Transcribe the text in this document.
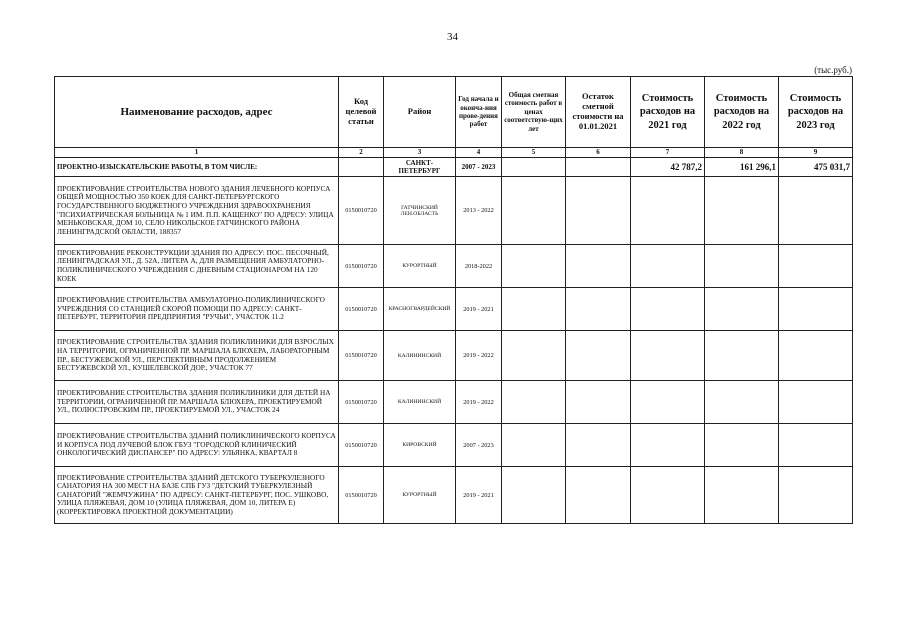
34
(тыс.руб.)
Наименование расходов, адрес	Код целевой статьи	Район	Год начала и оконча-ния прове-дения работ	Общая сметная стоимость работ в ценах соответствую-щих лет	Остаток сметной стоимости на 01.01.2021	Стоимость расходов на 2021 год	Стоимость расходов на 2022 год	Стоимость расходов на 2023 год
1	2	3	4	5	6	7	8	9
ПРОЕКТНО-ИЗЫСКАТЕЛЬСКИЕ РАБОТЫ, В ТОМ ЧИСЛЕ:		САНКТ-ПЕТЕРБУРГ	2007 - 2023			42 787,2	161 296,1	475 031,7
ПРОЕКТИРОВАНИЕ СТРОИТЕЛЬСТВА НОВОГО ЗДАНИЯ ЛЕЧЕБНОГО КОРПУСА ОБЩЕЙ МОЩНОСТЬЮ 350 КОЕК ДЛЯ САНКТ-ПЕТЕРБУРГСКОГО ГОСУДАРСТВЕННОГО БЮДЖЕТНОГО УЧРЕЖДЕНИЯ ЗДРАВООХРАНЕНИЯ "ПСИХИАТРИЧЕСКАЯ БОЛЬНИЦА № 1 ИМ. П.П. КАЩЕНКО" ПО АДРЕСУ: УЛИЦА МЕНЬКОВСКАЯ, ДОМ 10, СЕЛО НИКОЛЬСКОЕ ГАТЧИНСКОГО РАЙОНА ЛЕНИНГРАДСКОЙ ОБЛАСТИ, 188357	0150010720	ГАТЧИНСКИЙ ЛЕН.ОБЛАСТЬ	2013 - 2022					
ПРОЕКТИРОВАНИЕ РЕКОНСТРУКЦИИ ЗДАНИЯ ПО АДРЕСУ: ПОС. ПЕСОЧНЫЙ, ЛЕНИНГРАДСКАЯ УЛ., Д. 52А, ЛИТЕРА А, ДЛЯ РАЗМЕЩЕНИЯ АМБУЛАТОРНО-ПОЛИКЛИНИЧЕСКОГО УЧРЕЖДЕНИЯ С ДНЕВНЫМ СТАЦИОНАРОМ НА 120 КОЕК	0150010720	КУРОРТНЫЙ	2018-2022					
ПРОЕКТИРОВАНИЕ СТРОИТЕЛЬСТВА АМБУЛАТОРНО-ПОЛИКЛИНИЧЕСКОГО УЧРЕЖДЕНИЯ СО СТАНЦИЕЙ СКОРОЙ ПОМОЩИ ПО АДРЕСУ: САНКТ-ПЕТЕРБУРГ, ТЕРРИТОРИЯ ПРЕДПРИЯТИЯ "РУЧЬИ", УЧАСТОК 11.2	0150010720	КРАСНОГВАРДЕЙСКИЙ	2019 - 2021					
ПРОЕКТИРОВАНИЕ СТРОИТЕЛЬСТВА ЗДАНИЯ ПОЛИКЛИНИКИ ДЛЯ ВЗРОСЛЫХ НА ТЕРРИТОРИИ, ОГРАНИЧЕННОЙ ПР. МАРШАЛА БЛЮХЕРА, ЛАБОРАТОРНЫМ ПР., БЕСТУЖЕВСКОЙ УЛ., ПЕРСПЕКТИВНЫМ ПРОДОЛЖЕНИЕМ БЕСТУЖЕВСКОЙ УЛ., КУШЕЛЕВСКОЙ ДОР., УЧАСТОК 77	0150010720	КАЛИНИНСКИЙ	2019 - 2022					
ПРОЕКТИРОВАНИЕ СТРОИТЕЛЬСТВА ЗДАНИЯ ПОЛИКЛИНИКИ ДЛЯ ДЕТЕЙ НА ТЕРРИТОРИИ, ОГРАНИЧЕННОЙ ПР. МАРШАЛА БЛЮХЕРА, ПРОЕКТИРУЕМОЙ УЛ., ПОЛЮСТРОВСКИМ ПР., ПРОЕКТИРУЕМОЙ УЛ., УЧАСТОК 24	0150010720	КАЛИНИНСКИЙ	2019 - 2022					
ПРОЕКТИРОВАНИЕ СТРОИТЕЛЬСТВА ЗДАНИЙ ПОЛИКЛИНИЧЕСКОГО КОРПУСА И КОРПУСА ПОД ЛУЧЕВОЙ БЛОК ГБУЗ "ГОРОДСКОЙ КЛИНИЧЕСКИЙ ОНКОЛОГИЧЕСКИЙ ДИСПАНСЕР" ПО АДРЕСУ: УЛЬЯНКА, КВАРТАЛ 8	0150010720	КИРОВСКИЙ	2007 - 2023					
ПРОЕКТИРОВАНИЕ СТРОИТЕЛЬСТВА ЗДАНИЙ ДЕТСКОГО ТУБЕРКУЛЕЗНОГО САНАТОРИЯ НА 300 МЕСТ НА БАЗЕ СПБ ГУЗ "ДЕТСКИЙ ТУБЕРКУЛЕЗНЫЙ САНАТОРИЙ "ЖЕМЧУЖИНА" ПО АДРЕСУ: САНКТ-ПЕТЕРБУРГ, ПОС. УШКОВО, УЛИЦА ПЛЯЖЕВАЯ, ДОМ 10 (УЛИЦА ПЛЯЖЕВАЯ, ДОМ 10, ЛИТЕРА Е) (КОРРЕКТИРОВКА ПРОЕКТНОЙ ДОКУМЕНТАЦИИ)	0150010720	КУРОРТНЫЙ	2019 - 2021					
